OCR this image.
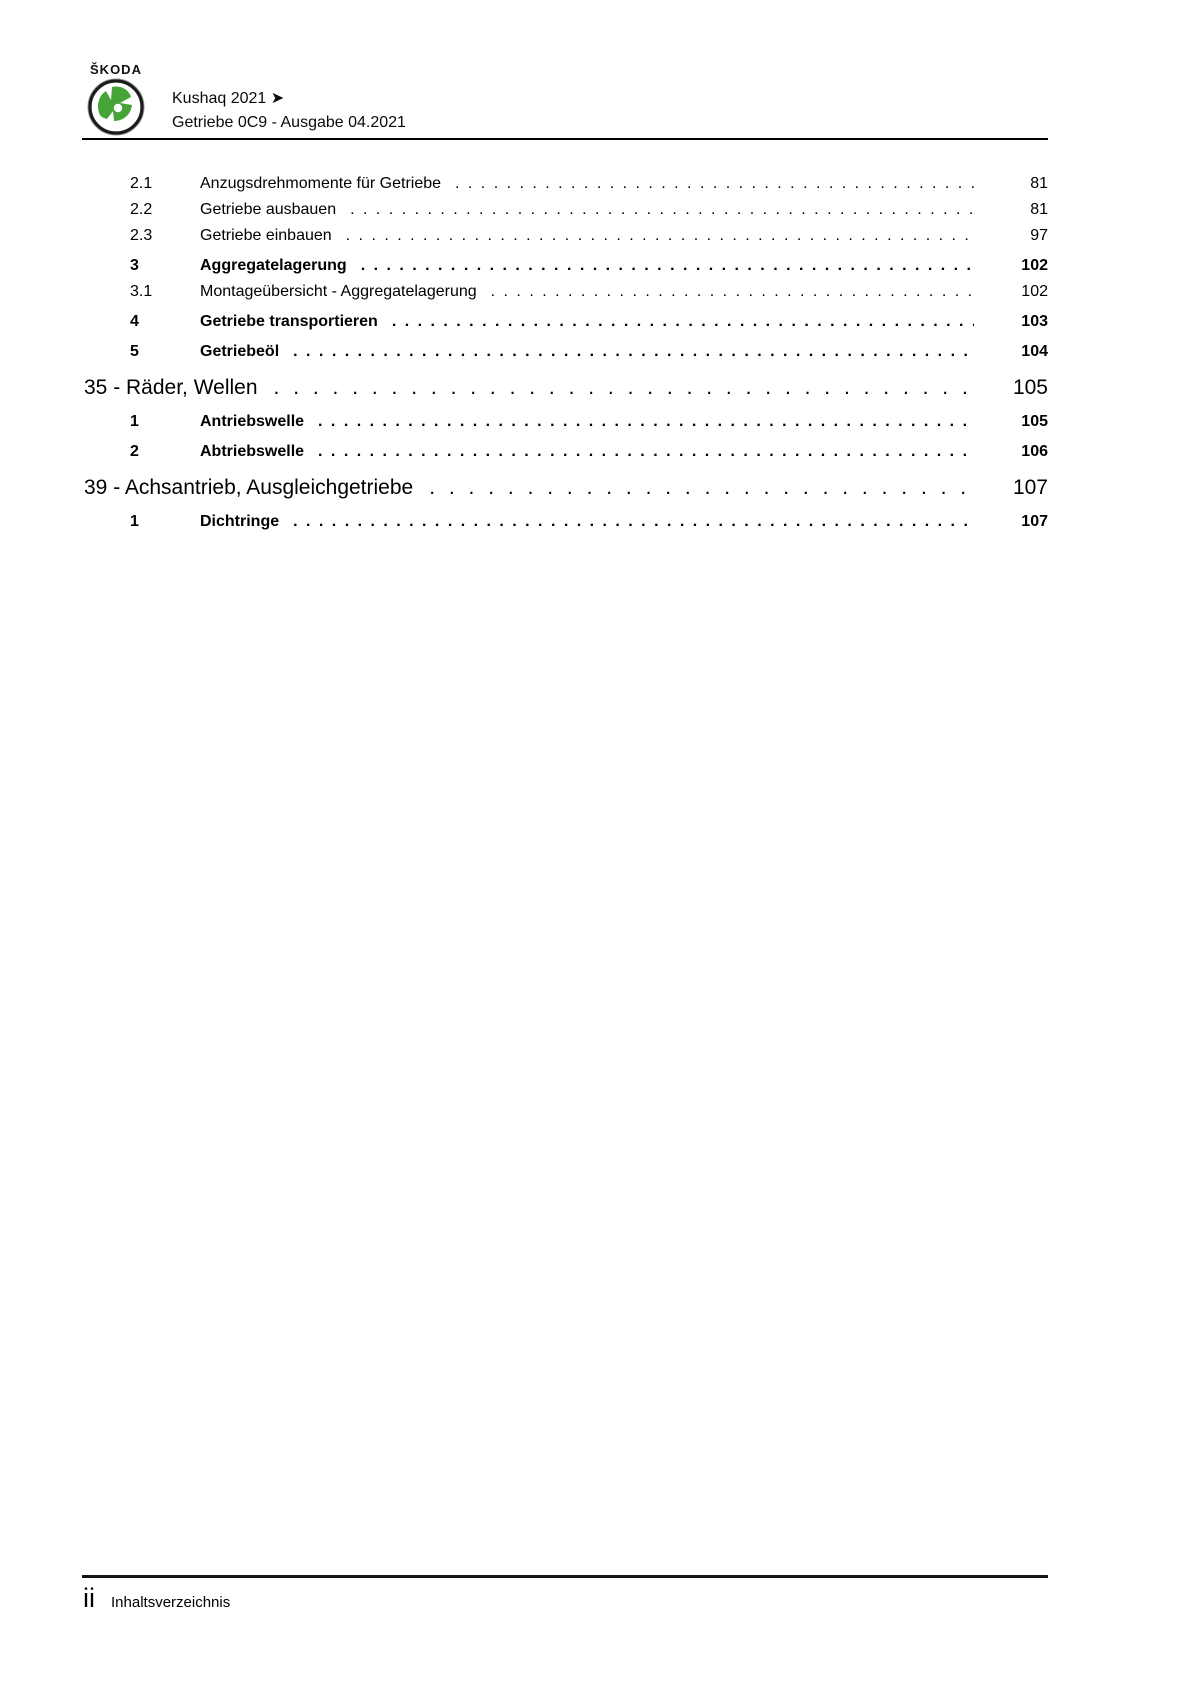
ŠKODA
Kushaq 2021 ➤
Getriebe 0C9 - Ausgabe 04.2021
2.1	Anzugsdrehmomente für Getriebe . . .	81
2.2	Getriebe ausbauen . . .	81
2.3	Getriebe einbauen . . .	97
3	Aggregatelagerung . . .	102
3.1	Montageübersicht - Aggregatelagerung . . .	102
4	Getriebe transportieren . . .	103
5	Getriebeöl . . .	104
35 - Räder, Wellen . . .	105
1	Antriebswelle . . .	105
2	Abtriebswelle . . .	106
39 - Achsantrieb, Ausgleichgetriebe . . .	107
1	Dichtringe . . .	107
ii Inhaltsverzeichnis
